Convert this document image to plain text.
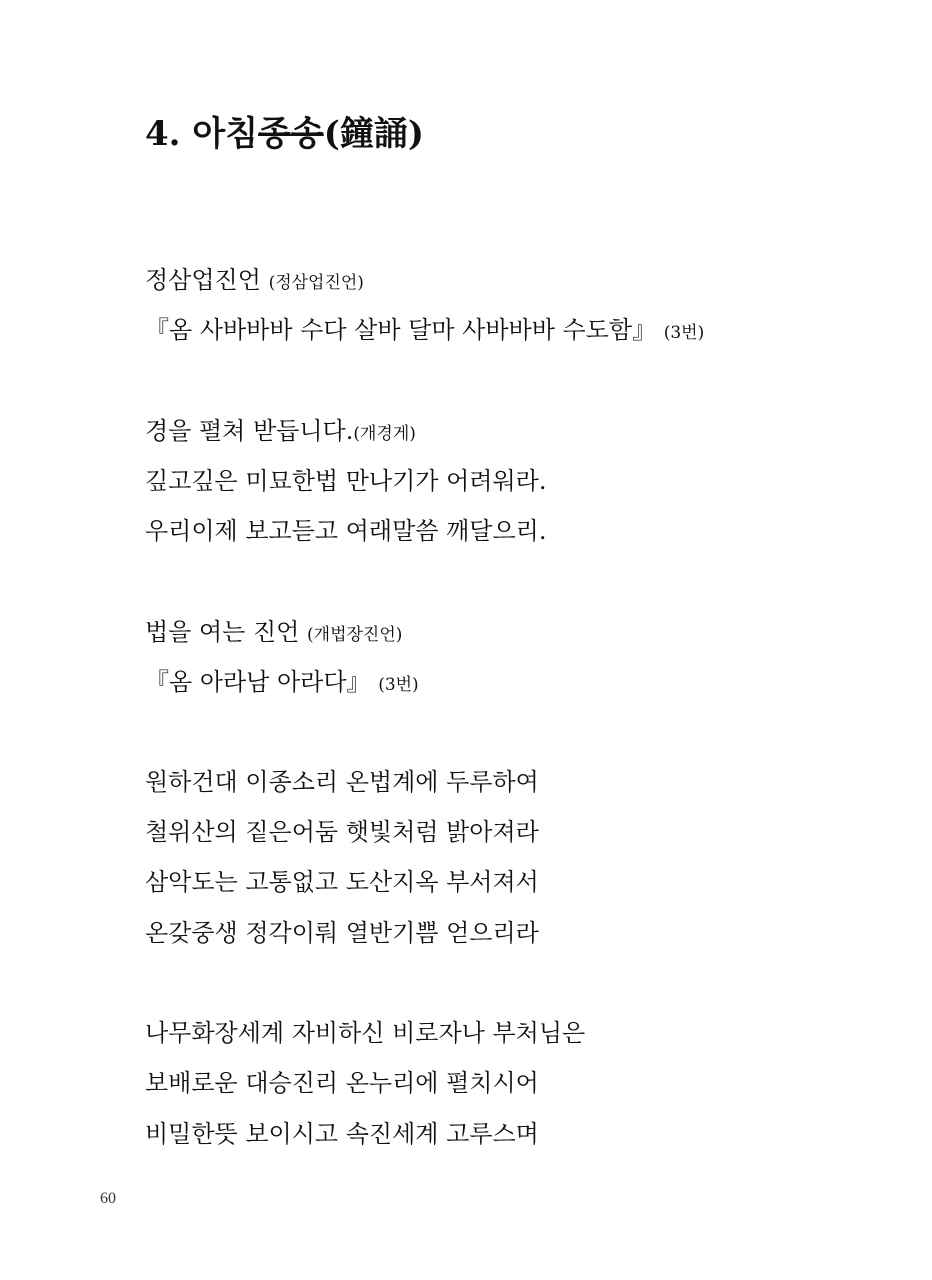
4. 아침종송(鐘誦)
정삼업진언 (정삼업진언)
『옴 사바바바 수다 살바 달마 사바바바 수도함』 (3번)
경을 펼쳐 받듭니다.(개경게)
깊고깊은 미묘한법 만나기가 어려워라.
우리이제 보고듣고 여래말씀 깨달으리.
법을 여는 진언 (개법장진언)
『옴 아라남 아라다』 (3번)
원하건대 이종소리 온법계에 두루하여
철위산의 짙은어둠 햇빛처럼 밝아져라
삼악도는 고통없고 도산지옥 부서져서
온갖중생 정각이뤄 열반기쁨 얻으리라
나무화장세계 자비하신 비로자나 부처님은
보배로운 대승진리 온누리에 펼치시어
비밀한뜻 보이시고 속진세계 고루스며
60
